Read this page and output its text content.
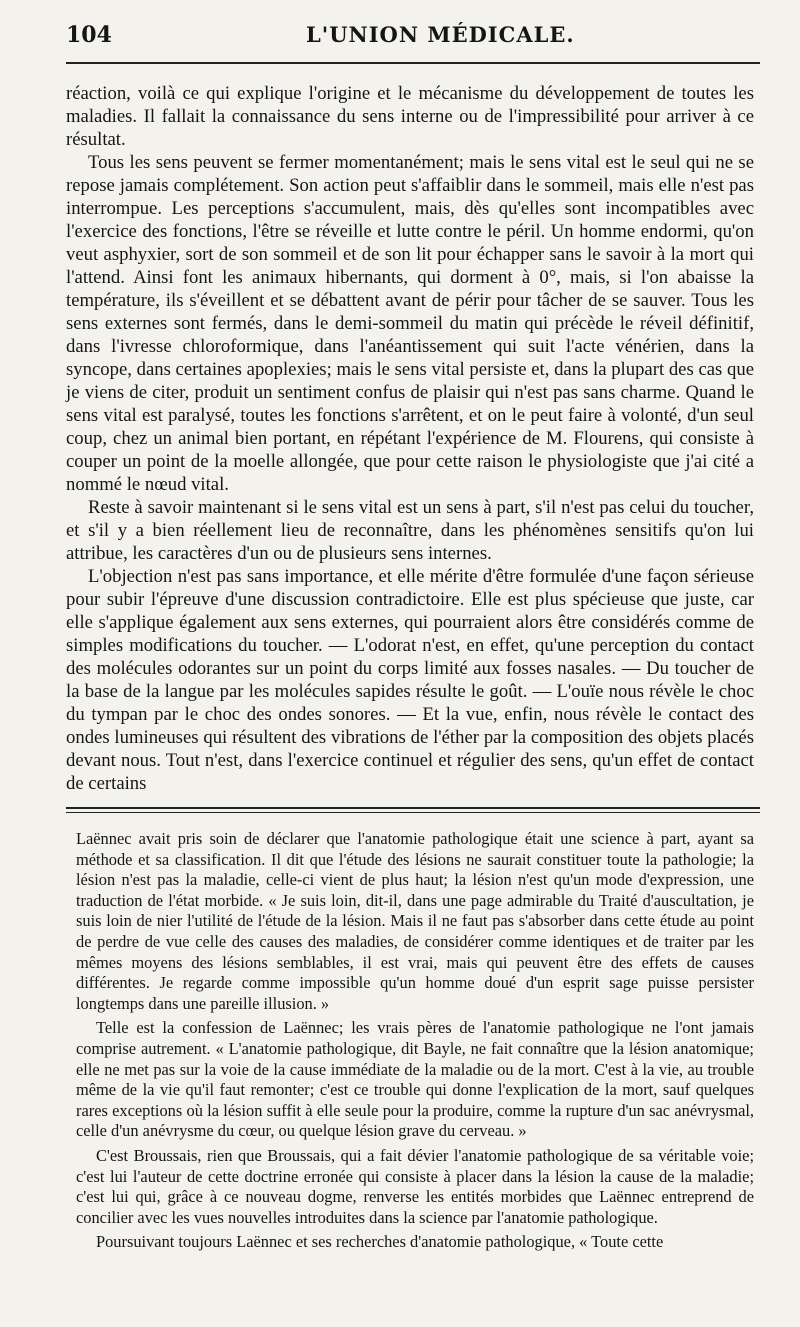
104	L'UNION MÉDICALE.

réaction, voilà ce qui explique l'origine et le mécanisme du développement de toutes les maladies. Il fallait la connaissance du sens interne ou de l'impressibilité pour arriver à ce résultat.

Tous les sens peuvent se fermer momentanément; mais le sens vital est le seul qui ne se repose jamais complétement. Son action peut s'affaiblir dans le sommeil, mais elle n'est pas interrompue. Les perceptions s'accumulent, mais, dès qu'elles sont incompatibles avec l'exercice des fonctions, l'être se réveille et lutte contre le péril. Un homme endormi, qu'on veut asphyxier, sort de son sommeil et de son lit pour échapper sans le savoir à la mort qui l'attend. Ainsi font les animaux hibernants, qui dorment à 0°, mais, si l'on abaisse la température, ils s'éveillent et se débattent avant de périr pour tâcher de se sauver. Tous les sens externes sont fermés, dans le demi-sommeil du matin qui précède le réveil définitif, dans l'ivresse chloroformique, dans l'anéantissement qui suit l'acte vénérien, dans la syncope, dans certaines apoplexies; mais le sens vital persiste et, dans la plupart des cas que je viens de citer, produit un sentiment confus de plaisir qui n'est pas sans charme. Quand le sens vital est paralysé, toutes les fonctions s'arrêtent, et on le peut faire à volonté, d'un seul coup, chez un animal bien portant, en répétant l'expérience de M. Flourens, qui consiste à couper un point de la moelle allongée, que pour cette raison le physiologiste que j'ai cité a nommé le nœud vital.

Reste à savoir maintenant si le sens vital est un sens à part, s'il n'est pas celui du toucher, et s'il y a bien réellement lieu de reconnaître, dans les phénomènes sensitifs qu'on lui attribue, les caractères d'un ou de plusieurs sens internes.

L'objection n'est pas sans importance, et elle mérite d'être formulée d'une façon sérieuse pour subir l'épreuve d'une discussion contradictoire. Elle est plus spécieuse que juste, car elle s'applique également aux sens externes, qui pourraient alors être considérés comme de simples modifications du toucher. — L'odorat n'est, en effet, qu'une perception du contact des molécules odorantes sur un point du corps limité aux fosses nasales. — Du toucher de la base de la langue par les molécules sapides résulte le goût. — L'ouïe nous révèle le choc du tympan par le choc des ondes sonores. — Et la vue, enfin, nous révèle le contact des ondes lumineuses qui résultent des vibrations de l'éther par la composition des objets placés devant nous. Tout n'est, dans l'exercice continuel et régulier des sens, qu'un effet de contact de certains

Laënnec avait pris soin de déclarer que l'anatomie pathologique était une science à part, ayant sa méthode et sa classification. Il dit que l'étude des lésions ne saurait constituer toute la pathologie; la lésion n'est pas la maladie, celle-ci vient de plus haut; la lésion n'est qu'un mode d'expression, une traduction de l'état morbide. « Je suis loin, dit-il, dans une page admirable du Traité d'auscultation, je suis loin de nier l'utilité de l'étude de la lésion. Mais il ne faut pas s'absorber dans cette étude au point de perdre de vue celle des causes des maladies, de considérer comme identiques et de traiter par les mêmes moyens des lésions semblables, il est vrai, mais qui peuvent être des effets de causes différentes. Je regarde comme impossible qu'un homme doué d'un esprit sage puisse persister longtemps dans une pareille illusion. »

Telle est la confession de Laënnec; les vrais pères de l'anatomie pathologique ne l'ont jamais comprise autrement. « L'anatomie pathologique, dit Bayle, ne fait connaître que la lésion anatomique; elle ne met pas sur la voie de la cause immédiate de la maladie ou de la mort. C'est à la vie, au trouble même de la vie qu'il faut remonter; c'est ce trouble qui donne l'explication de la mort, sauf quelques rares exceptions où la lésion suffit à elle seule pour la produire, comme la rupture d'un sac anévrysmal, celle d'un anévrysme du cœur, ou quelque lésion grave du cerveau. »

C'est Broussais, rien que Broussais, qui a fait dévier l'anatomie pathologique de sa véritable voie; c'est lui l'auteur de cette doctrine erronée qui consiste à placer dans la lésion la cause de la maladie; c'est lui qui, grâce à ce nouveau dogme, renverse les entités morbides que Laënnec entreprend de concilier avec les vues nouvelles introduites dans la science par l'anatomie pathologique.

Poursuivant toujours Laënnec et ses recherches d'anatomie pathologique, « Toute cette
